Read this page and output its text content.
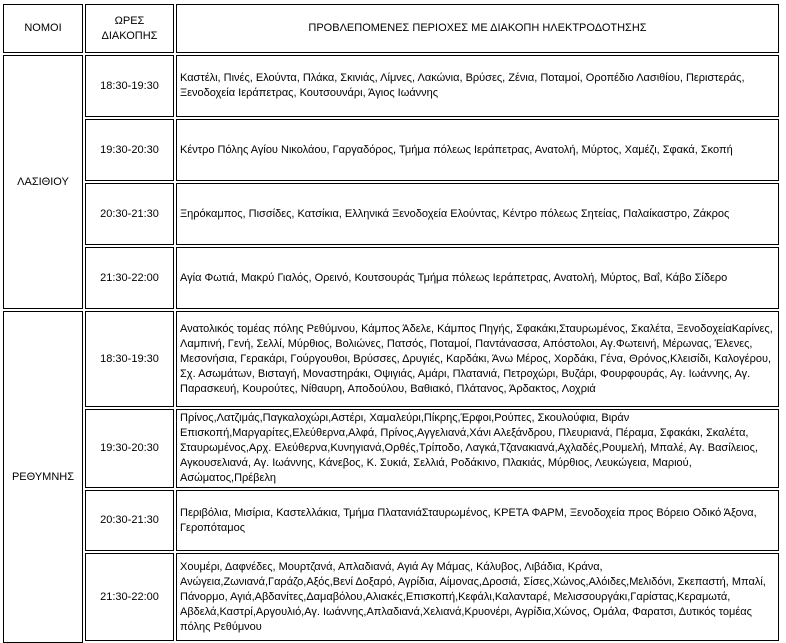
ΝΟΜΟΙ
ΩΡΕΣ
ΔΙΑΚΟΠΗΣ
ΠΡΟΒΛΕΠΟΜΕΝΕΣ ΠΕΡΙΟΧΕΣ ΜΕ ΔΙΑΚΟΠΗ ΗΛΕΚΤΡΟΔΟΤΗΣΗΣ
ΛΑΣΙΘΙΟΥ
18:30-19:30
Καστέλι, Πινές, Ελούντα, Πλάκα, Σκινιάς, Λίμνες, Λακώνια, Βρύσες, Ζένια, Ποταμοί, Οροπέδιο Λασιθίου, Περιστεράς, Ξενοδοχεία Ιεράπετρας, Κουτσουνάρι, Άγιος Ιωάννης
19:30-20:30 Κέντρο Πόλης Αγίου Νικολάου, Γαργαδόρος, Τμήμα πόλεως Ιεράπετρας, Ανατολή, Μύρτος, Χαμέζι, Σφακά, Σκοπή
20:30-21:30 Ξηρόκαμπος, Πισσίδες, Κατσίκια, Ελληνικά Ξενοδοχεία Ελούντας, Κέντρο πόλεως Σητείας, Παλαίκαστρο, Ζάκρος
21:30-22:00 Αγία Φωτιά, Μακρύ Γιαλός, Ορεινό, Κουτσουράς Τμήμα πόλεως Ιεράπετρας, Ανατολή, Μύρτος, Βαΐ, Κάβο Σίδερο
ΡΕΘΥΜΝΗΣ
18:30-19:30
Ανατολικός τομέας πόλης Ρεθύμνου, Κάμπος Άδελε, Κάμπος Πηγής, Σφακάκι,Σταυρωμένος, Σκαλέτα, ΞενοδοχείαΚαρίνες, Λαμπινή, Γενή, Σελλί, Μύρθιος, Βολιώνες, Πατσός, Ποταμοί, Παντάνασσα, Απόστολοι, Αγ.Φωτεινή, Μέρωνας, Έλενες, Μεσονήσια, Γερακάρι, Γούργουθοι, Βρύσσες, Δρυγιές, Καρδάκι, Άνω Μέρος, Χορδάκι, Γένα, Θρόνος,Κλεισίδι, Καλογέρου, Σχ. Ασωμάτων, Βισταγή, Μοναστηράκι, Οψιγιάς, Αμάρι, Πλατανιά, Πετροχώρι, Βυζάρι, Φουρφουράς, Αγ. Ιωάννης, Αγ. Παρασκευή, Κουρούτες, Νίθαυρη, Αποδούλου, Βαθιακό, Πλάτανος, Άρδακτος, Λοχριά
19:30-20:30
Πρίνος,Λατζιμάς,Παγκαλοχώρι,Αστέρι, Χαμαλεύρι,Πίκρης,Έρφοι,Ρούπες, Σκουλούφια, Βιράν Επισκοπή,Μαργαρίτες,Ελεύθερνα,Αλφά, Πρίνος,Αγγελιανά,Χάνι Αλεξάνδρου, Πλευριανά, Πέραμα, Σφακάκι, Σκαλέτα, Σταυρωμένος,Αρχ. Ελεύθερνα,Κυνηγιανά,Ορθές,Τρίποδο, Λαγκά,Τζανακιανά,Αχλαδές,Ρουμελή, Μπαλέ, Αγ. Βασίλειος, Αγκουσελιανά, Αγ. Ιωάννης, Κάνεβος, Κ. Συκιά, Σελλιά, Ροδάκινο, Πλακιάς, Μύρθιος, Λευκώγεια, Μαριού, Ασώματος,Πρέβελη
20:30-21:30
Περιβόλια, Μισίρια, Καστελλάκια, Τμήμα ΠλατανιάΣταυρωμένος, ΚΡΕΤΑ ΦΑΡΜ, Ξενοδοχεία προς Βόρειο Οδικό Άξονα, Γεροπόταμος
21:30-22:00
Χουμέρι, Δαφνέδες, Μουρτζανά, Απλαδιανά, Αγιά Αγ Μάμας, Κάλυβος, Λιβάδια, Κράνα, Ανώγεια,Ζωνιανά,Γαράζο,Αξός,Βενί Δοξαρό, Αγρίδια, Αίμονας,Δροσιά, Σίσες,Χώνος,Αλόιδες,Μελιδόνι, Σκεπαστή, Μπαλί, Πάνορμο, Αγιά,Αβδανίτες,Δαμαβόλου,Αλιακές,Επισκοπή,Κεφάλι,Καλανταρέ, Μελισσουργάκι,Γαρίστας,Κεραμωτά, Αβδελά,Καστρί,Αργουλιό,Αγ. Ιωάννης,Απλαδιανά,Χελιανά,Κρυονέρι, Αγρίδια,Χώνος, Ομάλα, Φαρατσι, Δυτικός τομέας πόλης Ρεθύμνου
